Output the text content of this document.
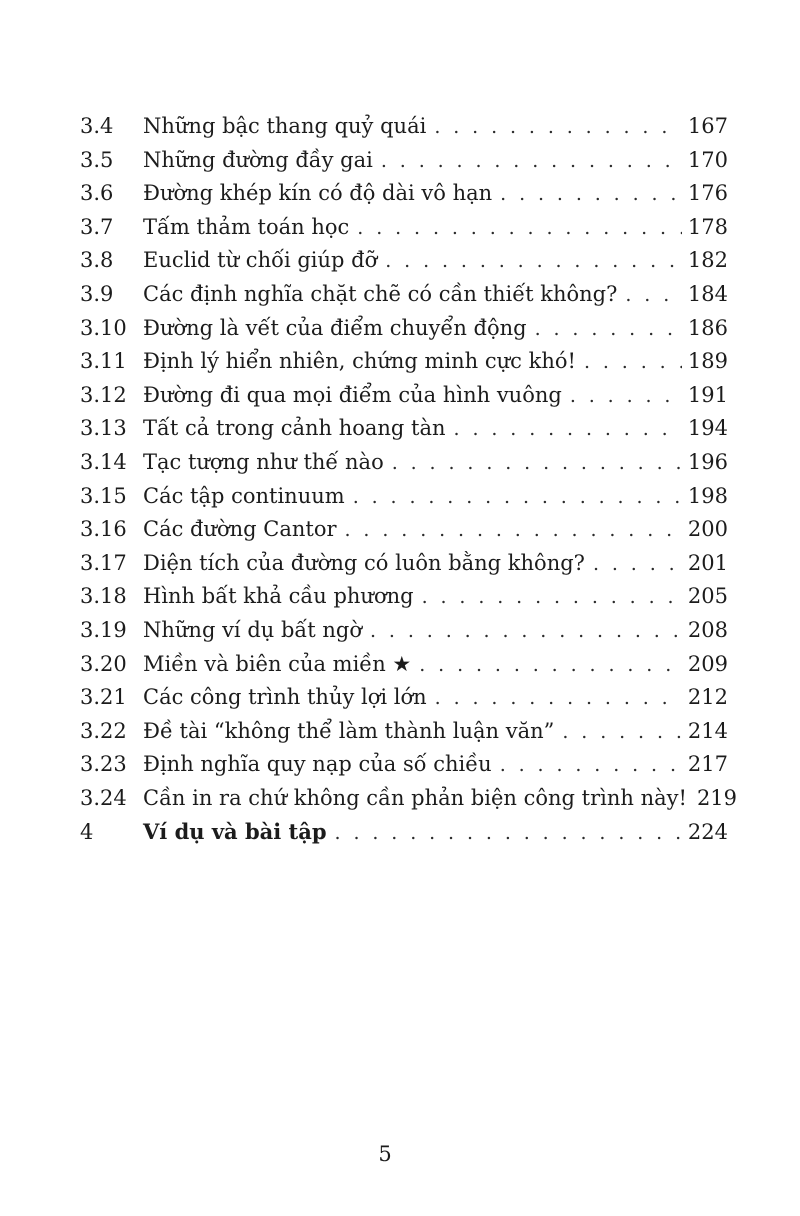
3.4	Những bậc thang quỷ quái . . .	167
3.5	Những đường đầy gai . . .	170
3.6	Đường khép kín có độ dài vô hạn . . .	176
3.7	Tấm thảm toán học . . .	178
3.8	Euclid từ chối giúp đỡ . . .	182
3.9	Các định nghĩa chặt chẽ có cần thiết không? . . .	184
3.10 Đường là vết của điểm chuyển động . . .	186
3.11 Định lý hiển nhiên, chứng minh cực khó! . . .	189
3.12 Đường đi qua mọi điểm của hình vuông . . .	191
3.13 Tất cả trong cảnh hoang tàn . . .	194
3.14 Tạc tượng như thế nào . . .	196
3.15 Các tập continuum . . .	198
3.16 Các đường Cantor . . .	200
3.17 Diện tích của đường có luôn bằng không? . . .	201
3.18 Hình bất khả cầu phương . . .	205
3.19 Những ví dụ bất ngờ . . .	208
3.20 Miền và biên của miền ★ . . .	209
3.21 Các công trình thủy lợi lớn . . .	212
3.22 Đề tài “không thể làm thành luận văn” . . .	214
3.23 Định nghĩa quy nạp của số chiều . . .	217
3.24 Cần in ra chứ không cần phản biện công trình này! 219
4	Ví dụ và bài tập . . .	224
5
